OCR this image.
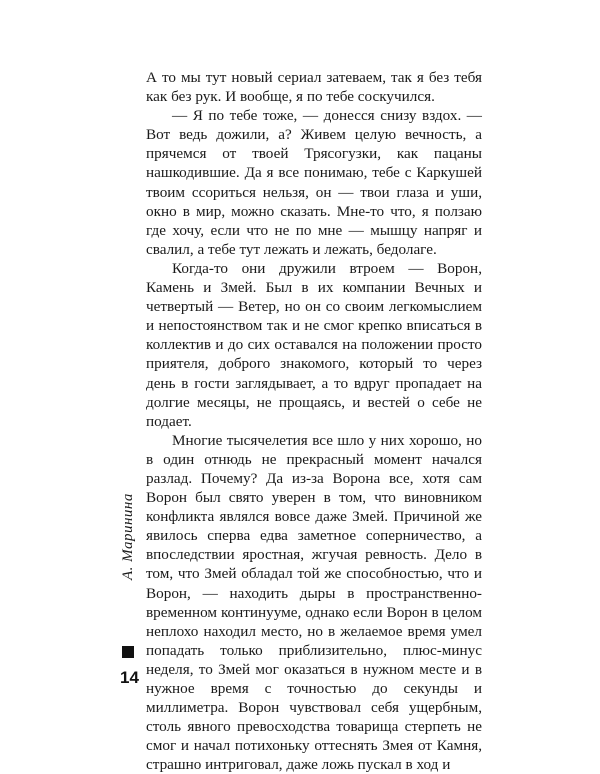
А то мы тут новый сериал затеваем, так я без тебя как без рук. И вообще, я по тебе соскучился.

— Я по тебе тоже, — донесся снизу вздох. — Вот ведь дожили, а? Живем целую вечность, а прячемся от твоей Трясогузки, как пацаны нашкодившие. Да я все понимаю, тебе с Каркушей твоим ссориться нельзя, он — твои глаза и уши, окно в мир, можно сказать. Мне-то что, я ползаю где хочу, если что не по мне — мышцу напряг и свалил, а тебе тут лежать и лежать, бедолаге.

Когда-то они дружили втроем — Ворон, Камень и Змей. Был в их компании Вечных и четвертый — Ветер, но он со своим легкомыслием и непостоянством так и не смог крепко вписаться в коллектив и до сих оставался на положении просто приятеля, доброго знакомого, который то через день в гости заглядывает, а то вдруг пропадает на долгие месяцы, не прощаясь, и вестей о себе не подает.

Многие тысячелетия все шло у них хорошо, но в один отнюдь не прекрасный момент начался разлад. Почему? Да из-за Ворона все, хотя сам Ворон был свято уверен в том, что виновником конфликта являлся вовсе даже Змей. Причиной же явилось сперва едва заметное соперничество, а впоследствии яростная, жгучая ревность. Дело в том, что Змей обладал той же способностью, что и Ворон, — находить дыры в пространственно-временном континууме, однако если Ворон в целом неплохо находил место, но в желаемое время умел попадать только приблизительно, плюс-минус неделя, то Змей мог оказаться в нужном месте и в нужное время с точностью до секунды и миллиметра. Ворон чувствовал себя ущербным, столь явного превосходства товарища стерпеть не смог и начал потихоньку оттеснять Змея от Камня, страшно интриговал, даже ложь пускал в ход и

А. Маринина
14
